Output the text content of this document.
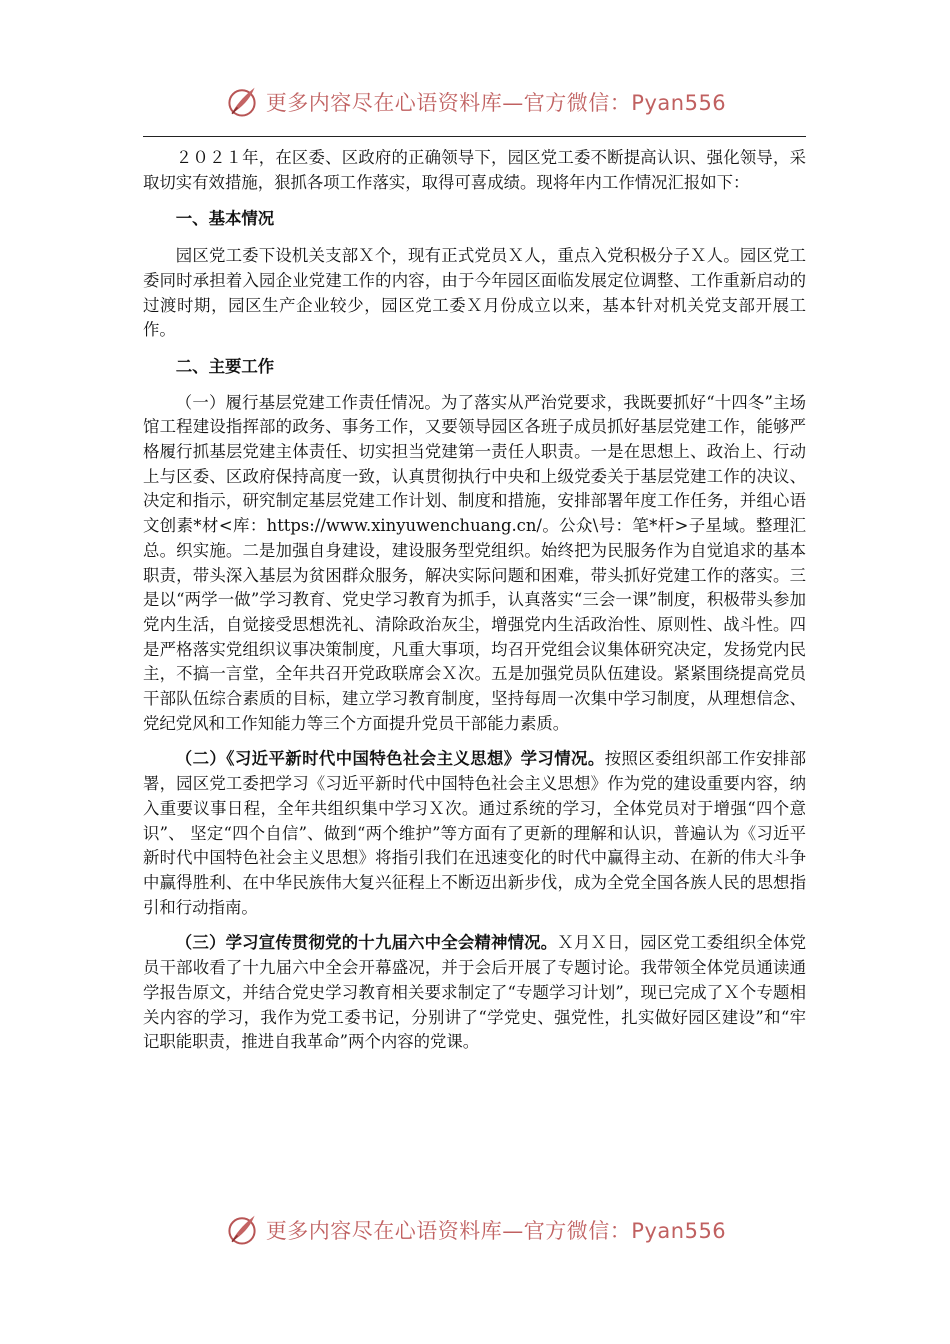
更多内容尽在心语资料库—官方微信：Pyan556

２０２１年，在区委、区政府的正确领导下，园区党工委不断提高认识、强化领导，采取切实有效措施，狠抓各项工作落实，取得可喜成绩。现将年内工作情况汇报如下：

一、基本情况

园区党工委下设机关支部Ｘ个，现有正式党员Ｘ人，重点入党积极分子Ｘ人。园区党工委同时承担着入园企业党建工作的内容，由于今年园区面临发展定位调整、工作重新启动的过渡时期，园区生产企业较少，园区党工委Ｘ月份成立以来，基本针对机关党支部开展工作。

二、主要工作

（一）履行基层党建工作责任情况。为了落实从严治党要求，我既要抓好“十四冬”主场馆工程建设指挥部的政务、事务工作，又要领导园区各班子成员抓好基层党建工作，能够严格履行抓基层党建主体责任、切实担当党建第一责任人职责。一是在思想上、政治上、行动上与区委、区政府保持高度一致，认真贯彻执行中央和上级党委关于基层党建工作的决议、决定和指示，研究制定基层党建工作计划、制度和措施，安排部署年度工作任务，并组心语文创素*材<库：https://www.xinyuwenchuang.cn/。公众\号：笔*杆>子星域。整理汇总。织实施。二是加强自身建设，建设服务型党组织。始终把为民服务作为自觉追求的基本职责，带头深入基层为贫困群众服务，解决实际问题和困难，带头抓好党建工作的落实。三是以“两学一做”学习教育、党史学习教育为抓手，认真落实“三会一课”制度，积极带头参加党内生活，自觉接受思想洗礼、清除政治灰尘，增强党内生活政治性、原则性、战斗性。四是严格落实党组织议事决策制度，凡重大事项，均召开党组会议集体研究决定，发扬党内民主，不搞一言堂，全年共召开党政联席会Ｘ次。五是加强党员队伍建设。紧紧围绕提高党员干部队伍综合素质的目标，建立学习教育制度，坚持每周一次集中学习制度，从理想信念、党纪党风和工作知能力等三个方面提升党员干部能力素质。

（二）《习近平新时代中国特色社会主义思想》学习情况。按照区委组织部工作安排部署，园区党工委把学习《习近平新时代中国特色社会主义思想》作为党的建设重要内容，纳入重要议事日程，全年共组织集中学习Ｘ次。通过系统的学习，全体党员对于增强“四个意识”、 坚定“四个自信”、做到“两个维护”等方面有了更新的理解和认识，普遍认为《习近平新时代中国特色社会主义思想》将指引我们在迅速变化的时代中赢得主动、在新的伟大斗争中赢得胜利、在中华民族伟大复兴征程上不断迈出新步伐，成为全党全国各族人民的思想指引和行动指南。

（三）学习宣传贯彻党的十九届六中全会精神情况。Ｘ月Ｘ日，园区党工委组织全体党员干部收看了十九届六中全会开幕盛况，并于会后开展了专题讨论。我带领全体党员通读通学报告原文，并结合党史学习教育相关要求制定了“专题学习计划”，现已完成了Ｘ个专题相关内容的学习，我作为党工委书记，分别讲了“学党史、强党性，扎实做好园区建设”和“牢记职能职责，推进自我革命”两个内容的党课。

更多内容尽在心语资料库—官方微信：Pyan556
